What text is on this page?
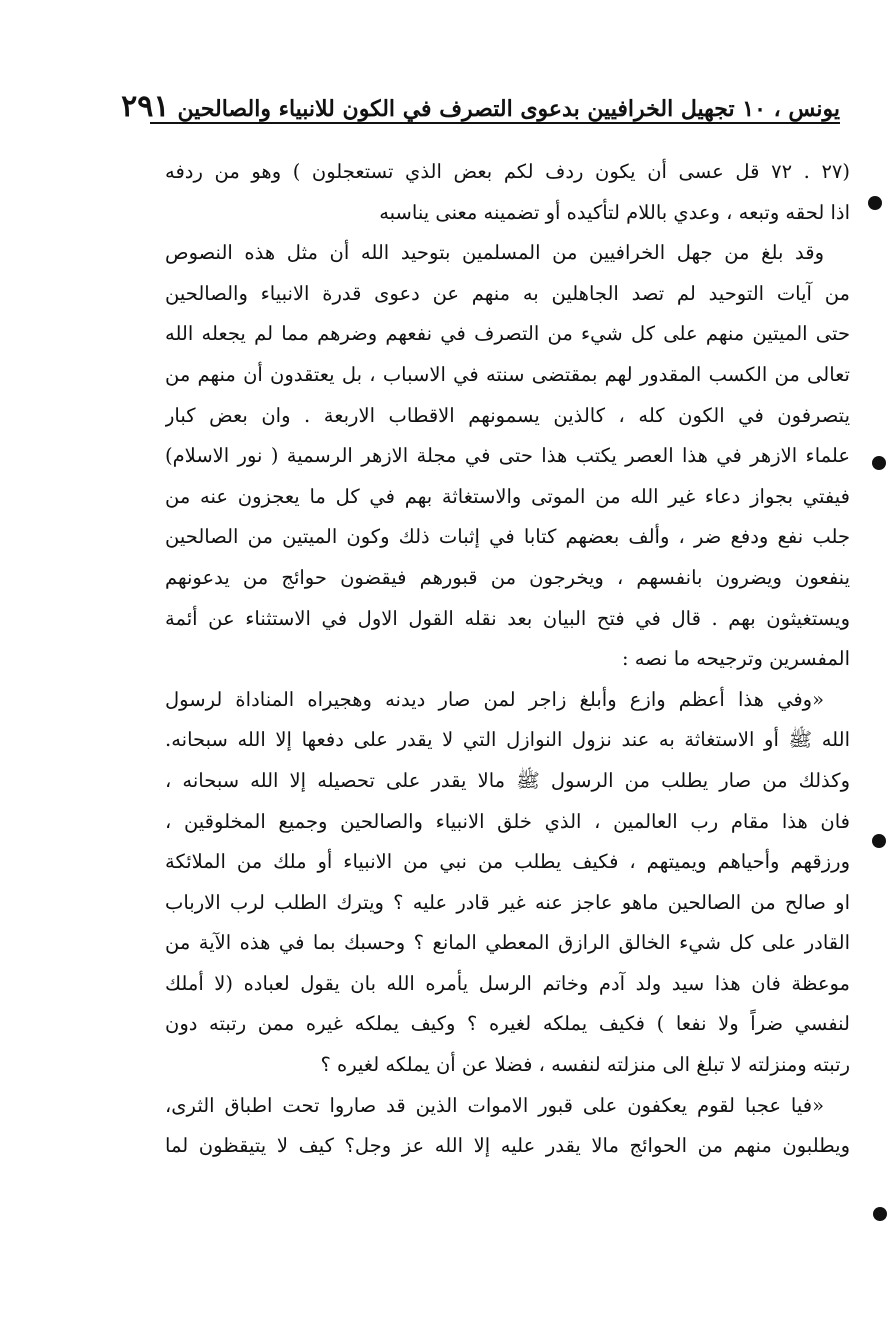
يونس ، ١٠ تجهيل الخرافيين بدعوى التصرف في الكون للانبياء والصالحين
٢٩١
(٢٧ . ٧٢ قل عسى أن يكون ردف لكم بعض الذي تستعجلون ) وهو من ردفه
اذا لحقه وتبعه ، وعدي باللام لتأكيده أو تضمينه معنى يناسبه
وقد بلغ من جهل الخرافيين من المسلمين بتوحيد الله أن مثل هذه النصوص
من آيات التوحيد لم تصد الجاهلين به منهم عن دعوى قدرة الانبياء والصالحين
حتى الميتين منهم على كل شيء من التصرف في نفعهم وضرهم مما لم يجعله الله
تعالى من الكسب المقدور لهم بمقتضى سنته في الاسباب ، بل يعتقدون أن منهم من
يتصرفون في الكون كله ، كالذين يسمونهم الاقطاب الاربعة . وان بعض كبار
علماء الازهر في هذا العصر يكتب هذا حتى في مجلة الازهر الرسمية ( نور الاسلام)
فيفتي بجواز دعاء غير الله من الموتى والاستغاثة بهم في كل ما يعجزون عنه من
جلب نفع ودفع ضر ، وألف بعضهم كتابا في إثبات ذلك وكون الميتين من الصالحين
ينفعون ويضرون بانفسهم ، ويخرجون من قبورهم فيقضون حوائج من يدعونهم
ويستغيثون بهم . قال في فتح البيان بعد نقله القول الاول في الاستثناء عن أئمة
المفسرين وترجيحه ما نصه :
«وفي هذا أعظم وازع وأبلغ زاجر لمن صار ديدنه وهجيراه المناداة لرسول
الله ﷺ أو الاستغاثة به عند نزول النوازل التي لا يقدر على دفعها إلا الله سبحانه.
وكذلك من صار يطلب من الرسول ﷺ مالا يقدر على تحصيله إلا الله سبحانه ،
فان هذا مقام رب العالمين ، الذي خلق الانبياء والصالحين وجميع المخلوقين ،
ورزقهم وأحياهم ويميتهم ، فكيف يطلب من نبي من الانبياء أو ملك من الملائكة
او صالح من الصالحين ماهو عاجز عنه غير قادر عليه ؟ ويترك الطلب لرب الارباب
القادر على كل شيء الخالق الرازق المعطي المانع ؟ وحسبك بما في هذه الآية من
موعظة فان هذا سيد ولد آدم وخاتم الرسل يأمره الله بان يقول لعباده (لا أملك
لنفسي ضراً ولا نفعا ) فكيف يملكه لغيره ؟ وكيف يملكه غيره ممن رتبته دون
رتبته ومنزلته لا تبلغ الى منزلته لنفسه ، فضلا عن أن يملكه لغيره ؟
«فيا عجبا لقوم يعكفون على قبور الاموات الذين قد صاروا تحت اطباق الثرى،
ويطلبون منهم من الحوائج مالا يقدر عليه إلا الله عز وجل؟ كيف لا يتيقظون لما
